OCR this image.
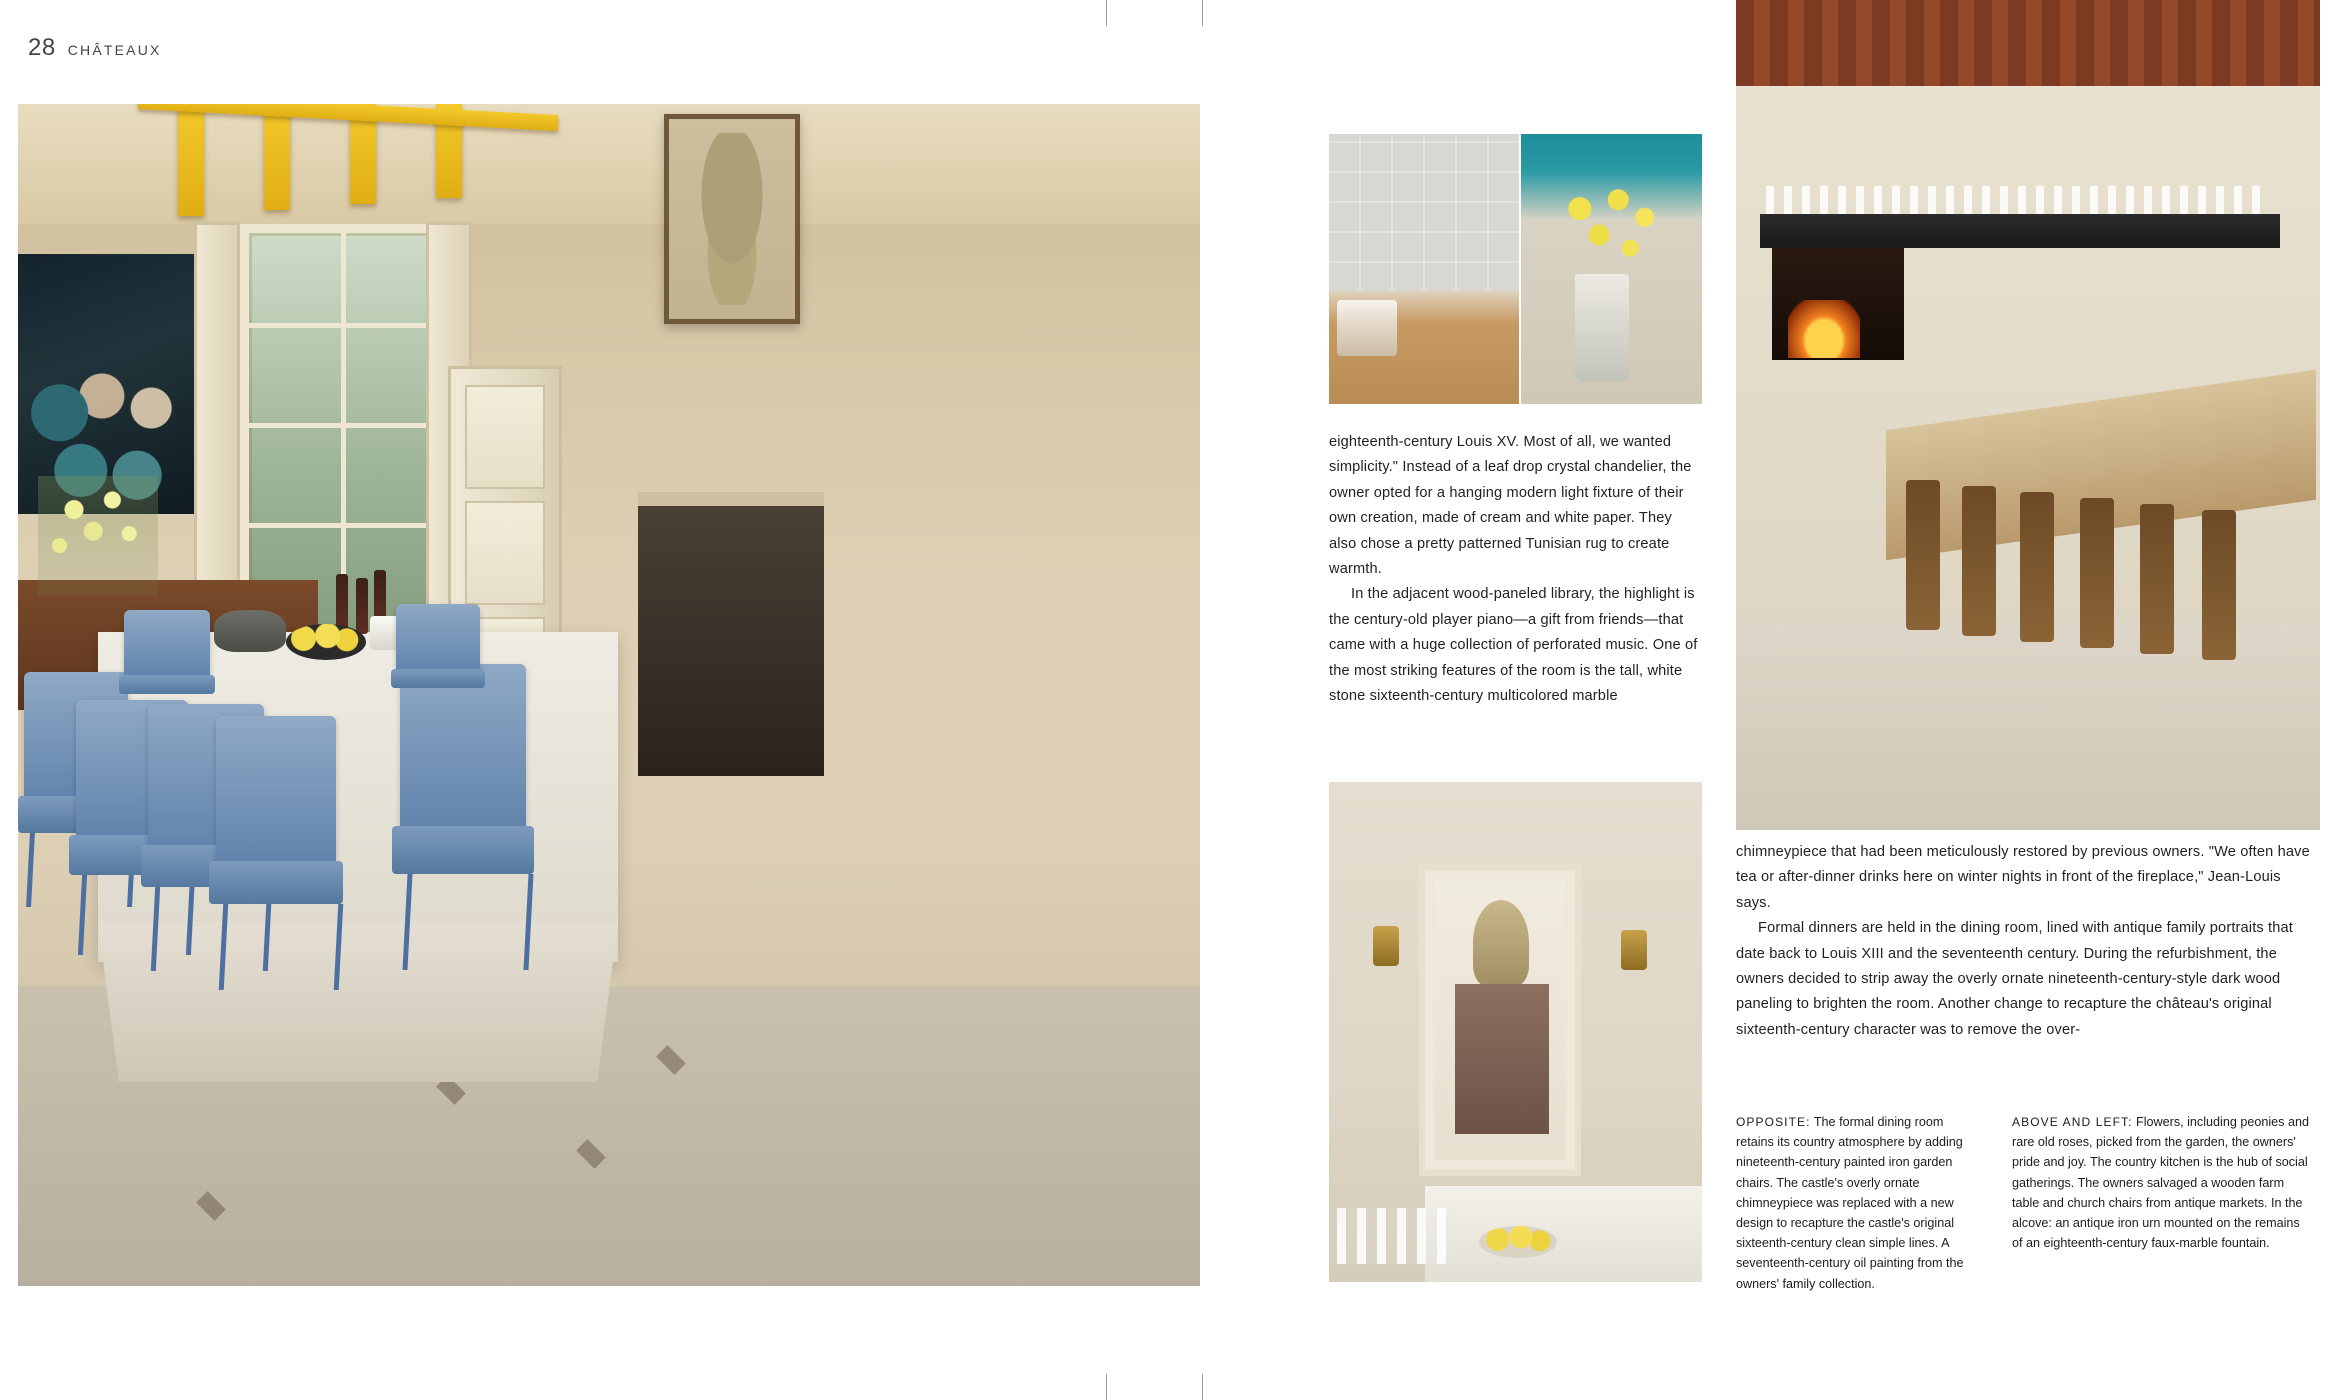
28 CHÂTEAUX

eighteenth-century Louis XV. Most of all, we wanted simplicity." Instead of a leaf drop crystal chandelier, the owner opted for a hanging modern light fixture of their own creation, made of cream and white paper. They also chose a pretty patterned Tunisian rug to create warmth.

In the adjacent wood-paneled library, the highlight is the century-old player piano—a gift from friends—that came with a huge collection of perforated music. One of the most striking features of the room is the tall, white stone sixteenth-century multicolored marble

chimneypiece that had been meticulously restored by previous owners. "We often have tea or after-dinner drinks here on winter nights in front of the fireplace," Jean-Louis says.

Formal dinners are held in the dining room, lined with antique family portraits that date back to Louis XIII and the seventeenth century. During the refurbishment, the owners decided to strip away the overly ornate nineteenth-century-style dark wood paneling to brighten the room. Another change to recapture the château's original sixteenth-century character was to remove the over-

OPPOSITE: The formal dining room retains its country atmosphere by adding nineteenth-century painted iron garden chairs. The castle's overly ornate chimneypiece was replaced with a new design to recapture the castle's original sixteenth-century clean simple lines. A seventeenth-century oil painting from the owners' family collection.
ABOVE AND LEFT: Flowers, including peonies and rare old roses, picked from the garden, the owners' pride and joy. The country kitchen is the hub of social gatherings. The owners salvaged a wooden farm table and church chairs from antique markets. In the alcove: an antique iron urn mounted on the remains of an eighteenth-century faux-marble fountain.
